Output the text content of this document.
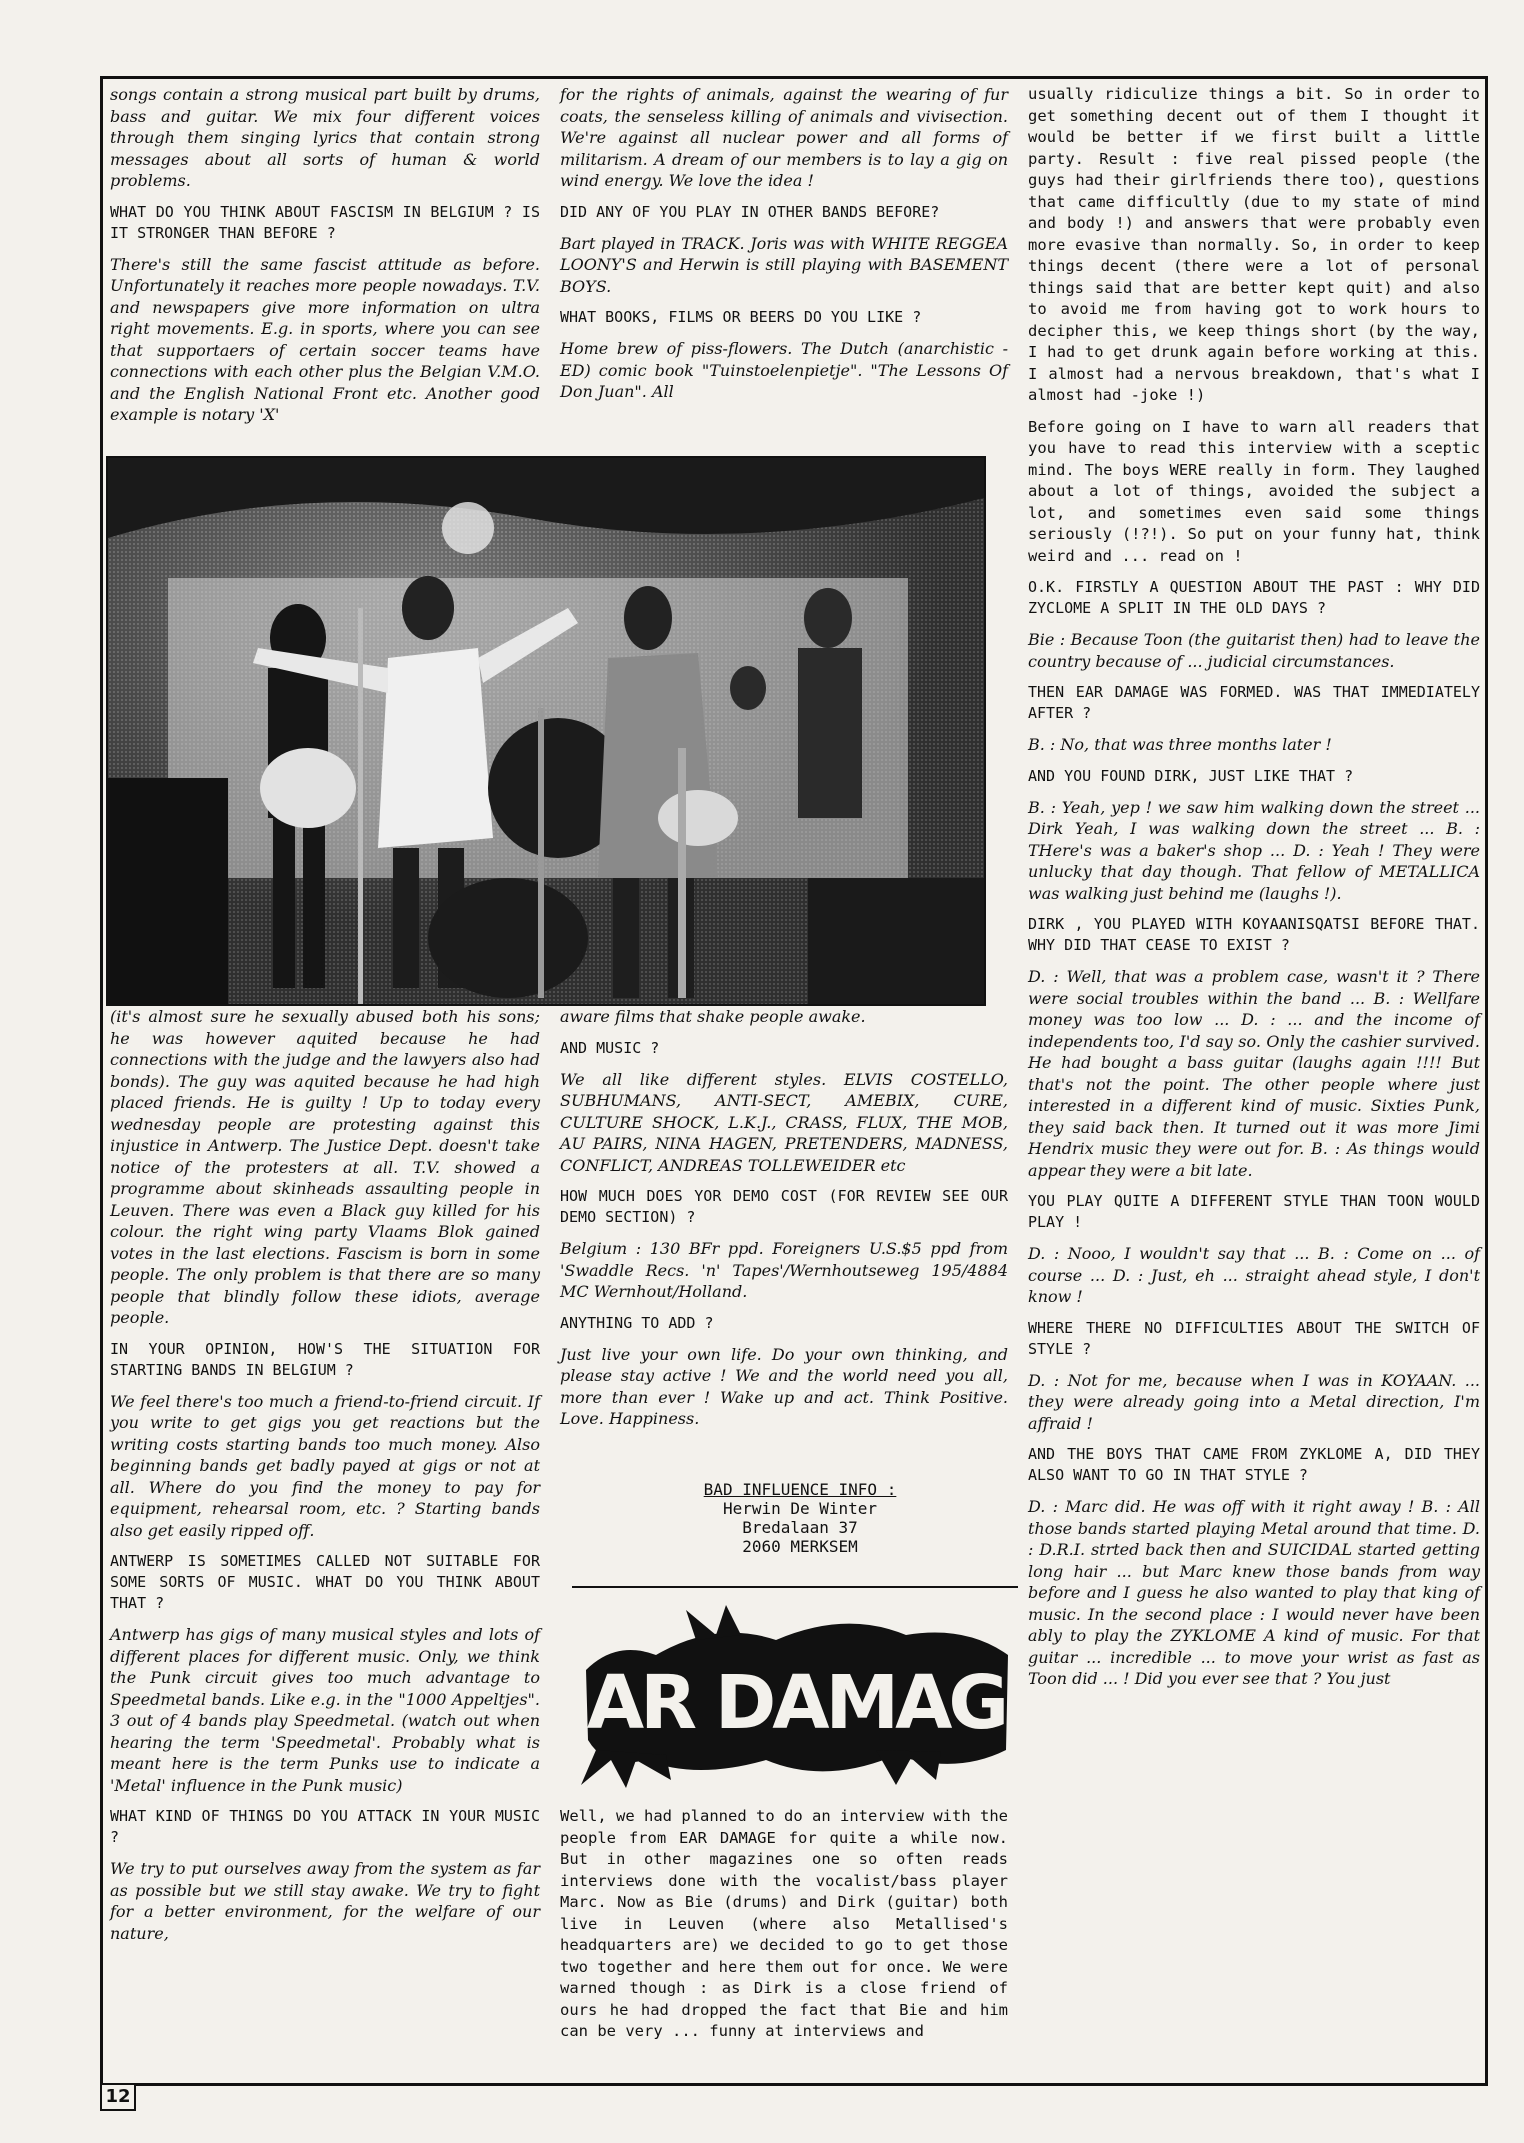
songs contain a strong musical part built by drums, bass and guitar. We mix four different voices through them singing lyrics that contain strong messages about all sorts of human & world problems.

WHAT DO YOU THINK ABOUT FASCISM IN BELGIUM ? IS IT STRONGER THAN BEFORE ?

There's still the same fascist attitude as before. Unfortunately it reaches more people nowadays. T.V. and newspapers give more information on ultra right movements. E.g. in sports, where you can see that supportaers of certain soccer teams have connections with each other plus the Belgian V.M.O. and the English National Front etc. Another good example is notary 'X'

for the rights of animals, against the wearing of fur coats, the senseless killing of animals and vivisection. We're against all nuclear power and all forms of militarism. A dream of our members is to lay a gig on wind energy. We love the idea !

DID ANY OF YOU PLAY IN OTHER BANDS BEFORE?

Bart played in TRACK. Joris was with WHITE REGGEA LOONY'S and Herwin is still playing with BASEMENT BOYS.

WHAT BOOKS, FILMS OR BEERS DO YOU LIKE ?

Home brew of piss-flowers. The Dutch (anarchistic - ED) comic book "Tuinstoelenpietje". "The Lessons Of Don Juan". All

(it's almost sure he sexually abused both his sons; he was however aquited because he had connections with the judge and the lawyers also had bonds). The guy was aquited because he had high placed friends. He is guilty ! Up to today every wednesday people are protesting against this injustice in Antwerp. The Justice Dept. doesn't take notice of the protesters at all. T.V. showed a programme about skinheads assaulting people in Leuven. There was even a Black guy killed for his colour. the right wing party Vlaams Blok gained votes in the last elections. Fascism is born in some people. The only problem is that there are so many people that blindly follow these idiots, average people.

IN YOUR OPINION, HOW'S THE SITUATION FOR STARTING BANDS IN BELGIUM ?

We feel there's too much a friend-to-friend circuit. If you write to get gigs you get reactions but the writing costs starting bands too much money. Also beginning bands get badly payed at gigs or not at all. Where do you find the money to pay for equipment, rehearsal room, etc. ? Starting bands also get easily ripped off.

ANTWERP IS SOMETIMES CALLED NOT SUITABLE FOR SOME SORTS OF MUSIC. WHAT DO YOU THINK ABOUT THAT ?

Antwerp has gigs of many musical styles and lots of different places for different music. Only, we think the Punk circuit gives too much advantage to Speedmetal bands. Like e.g. in the "1000 Appeltjes". 3 out of 4 bands play Speedmetal. (watch out when hearing the term 'Speedmetal'. Probably what is meant here is the term Punks use to indicate a 'Metal' influence in the Punk music)

WHAT KIND OF THINGS DO YOU ATTACK IN YOUR MUSIC ?

We try to put ourselves away from the system as far as possible but we still stay awake. We try to fight for a better environment, for the welfare of our nature,

aware films that shake people awake.

AND MUSIC ?

We all like different styles. ELVIS COSTELLO, SUBHUMANS, ANTI-SECT, AMEBIX, CURE, CULTURE SHOCK, L.K.J., CRASS, FLUX, THE MOB, AU PAIRS, NINA HAGEN, PRETENDERS, MADNESS, CONFLICT, ANDREAS TOLLEWEIDER etc

HOW MUCH DOES YOR DEMO COST (FOR REVIEW SEE OUR DEMO SECTION) ?

Belgium : 130 BFr ppd. Foreigners U.S.$5 ppd from 'Swaddle Recs. 'n' Tapes'/Wernhoutseweg 195/4884 MC Wernhout/Holland.

ANYTHING TO ADD ?

Just live your own life. Do your own thinking, and please stay active ! We and the world need you all, more than ever ! Wake up and act. Think Positive. Love. Happiness.

BAD INFLUENCE INFO :
Herwin De Winter
Bredalaan 37
2060 MERKSEM
EAR DAMAGE

Well, we had planned to do an interview with the people from EAR DAMAGE for quite a while now. But in other magazines one so often reads interviews done with the vocalist/bass player Marc. Now as Bie (drums) and Dirk (guitar) both live in Leuven (where also Metallised's headquarters are) we decided to go to get those two together and here them out for once. We were warned though : as Dirk is a close friend of ours he had dropped the fact that Bie and him can be very ... funny at interviews and

usually ridiculize things a bit. So in order to get something decent out of them I thought it would be better if we first built a little party. Result : five real pissed people (the guys had their girlfriends there too), questions that came difficultly (due to my state of mind and body !) and answers that were probably even more evasive than normally. So, in order to keep things decent (there were a lot of personal things said that are better kept quit) and also to avoid me from having got to work hours to decipher this, we keep things short (by the way, I had to get drunk again before working at this. I almost had a nervous breakdown, that's what I almost had -joke !)

Before going on I have to warn all readers that you have to read this interview with a sceptic mind. The boys WERE really in form. They laughed about a lot of things, avoided the subject a lot, and sometimes even said some things seriously (!?!). So put on your funny hat, think weird and ... read on !

O.K. FIRSTLY A QUESTION ABOUT THE PAST : WHY DID ZYCLOME A SPLIT IN THE OLD DAYS ?

Bie : Because Toon (the guitarist then) had to leave the country because of ... judicial circumstances.

THEN EAR DAMAGE WAS FORMED. WAS THAT IMMEDIATELY AFTER ?

B. : No, that was three months later !

AND YOU FOUND DIRK, JUST LIKE THAT ?

B. : Yeah, yep ! we saw him walking down the street ... Dirk Yeah, I was walking down the street ... B. : THere's was a baker's shop ... D. : Yeah ! They were unlucky that day though. That fellow of METALLICA was walking just behind me (laughs !).

DIRK , YOU PLAYED WITH KOYAANISQATSI BEFORE THAT. WHY DID THAT CEASE TO EXIST ?

D. : Well, that was a problem case, wasn't it ? There were social troubles within the band ... B. : Wellfare money was too low ... D. : ... and the income of independents too, I'd say so. Only the cashier survived. He had bought a bass guitar (laughs again !!!! But that's not the point. The other people where just interested in a different kind of music. Sixties Punk, they said back then. It turned out it was more Jimi Hendrix music they were out for. B. : As things would appear they were a bit late.

YOU PLAY QUITE A DIFFERENT STYLE THAN TOON WOULD PLAY !

D. : Nooo, I wouldn't say that ... B. : Come on ... of course ... D. : Just, eh ... straight ahead style, I don't know !

WHERE THERE NO DIFFICULTIES ABOUT THE SWITCH OF STYLE ?

D. : Not for me, because when I was in KOYAAN. ... they were already going into a Metal direction, I'm affraid !

AND THE BOYS THAT CAME FROM ZYKLOME A, DID THEY ALSO WANT TO GO IN THAT STYLE ?

D. : Marc did. He was off with it right away ! B. : All those bands started playing Metal around that time. D. : D.R.I. strted back then and SUICIDAL started getting long hair ... but Marc knew those bands from way before and I guess he also wanted to play that king of music. In the second place : I would never have been ably to play the ZYKLOME A kind of music. For that guitar ... incredible ... to move your wrist as fast as Toon did ... ! Did you ever see that ? You just

12
